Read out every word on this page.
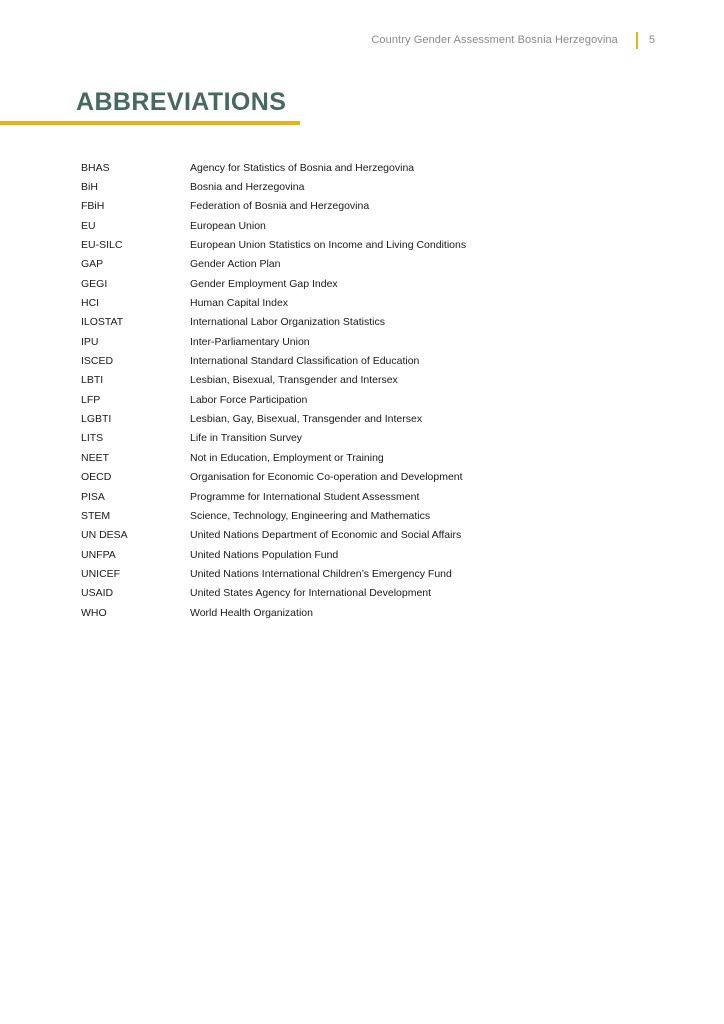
Country Gender Assessment Bosnia Herzegovina	5
ABBREVIATIONS
BHAS	Agency for Statistics of Bosnia and Herzegovina
BiH	Bosnia and Herzegovina
FBiH	Federation of Bosnia and Herzegovina
EU	European Union
EU-SILC	European Union Statistics on Income and Living Conditions
GAP	Gender Action Plan
GEGI	Gender Employment Gap Index
HCI	Human Capital Index
ILOSTAT	International Labor Organization Statistics
IPU	Inter-Parliamentary Union
ISCED	International Standard Classification of Education
LBTI	Lesbian, Bisexual, Transgender and Intersex
LFP	Labor Force Participation
LGBTI	Lesbian, Gay, Bisexual, Transgender and Intersex
LITS	Life in Transition Survey
NEET	Not in Education, Employment or Training
OECD	Organisation for Economic Co-operation and Development
PISA	Programme for International Student Assessment
STEM	Science, Technology, Engineering and Mathematics
UN DESA	United Nations Department of Economic and Social Affairs
UNFPA	United Nations Population Fund
UNICEF	United Nations International Children’s Emergency Fund
USAID	United States Agency for International Development
WHO	World Health Organization
